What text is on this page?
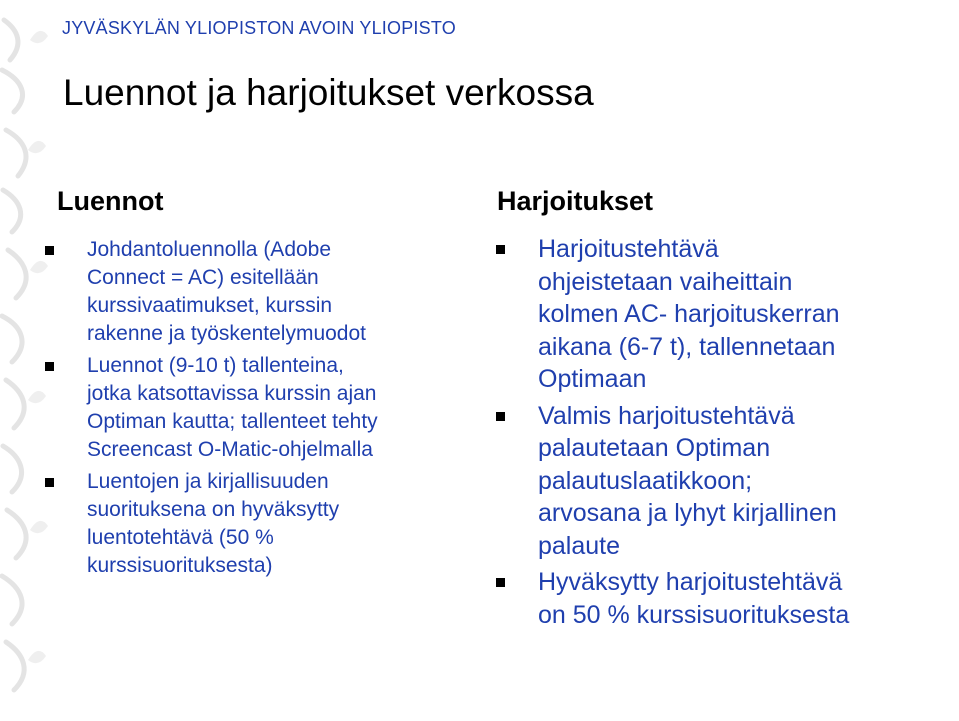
JYVÄSKYLÄN YLIOPISTON AVOIN YLIOPISTO
Luennot ja harjoitukset verkossa
Luennot
Johdantoluennolla (Adobe
Connect = AC) esitellään
kurssivaatimukset, kurssin
rakenne ja työskentelymuodot
Luennot (9-10 t) tallenteina,
jotka katsottavissa kurssin ajan
Optiman kautta; tallenteet tehty
Screencast O-Matic-ohjelmalla
Luentojen ja kirjallisuuden
suorituksena on hyväksytty
luentotehtävä (50 %
kurssisuorituksesta)
Harjoitukset
Harjoitustehtävä
ohjeistetaan vaiheittain
kolmen AC- harjoituskerran
aikana (6-7 t), tallennetaan
Optimaan
Valmis harjoitustehtävä
palautetaan Optiman
palautuslaatikkoon;
arvosana ja lyhyt kirjallinen
palaute
Hyväksytty harjoitustehtävä
on 50 % kurssisuorituksesta
